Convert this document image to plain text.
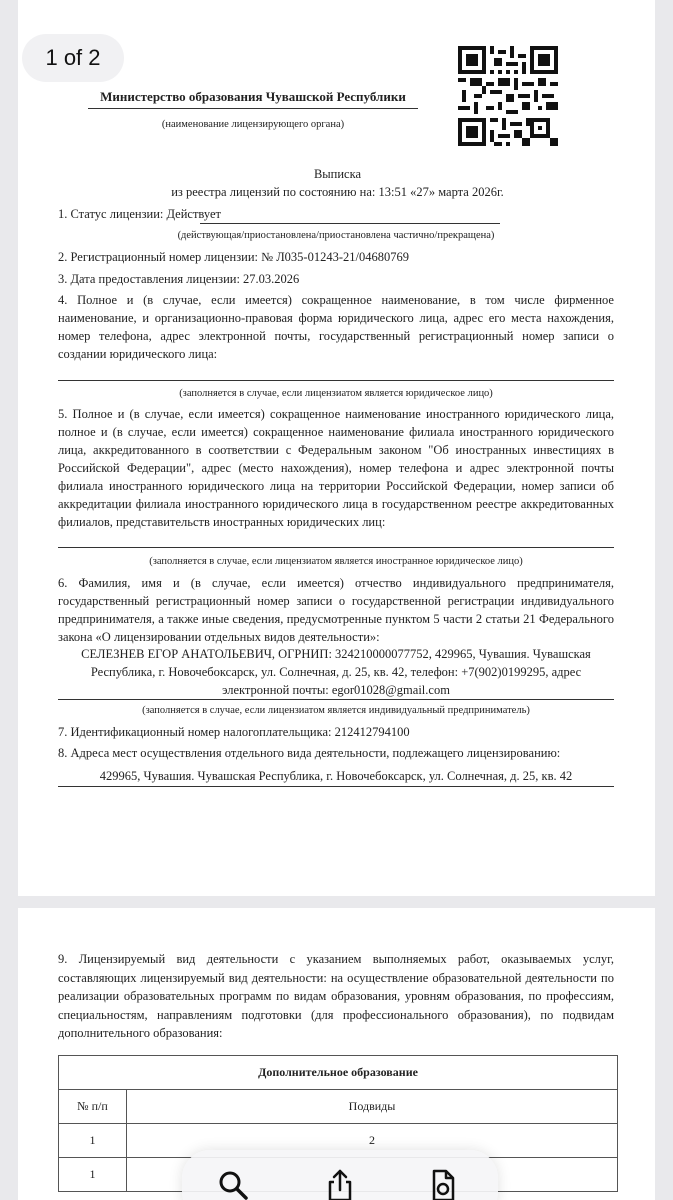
1 of 2
Министерство образования Чувашской Республики
(наименование лицензирующего органа)
Выписка
из реестра лицензий по состоянию на: 13:51 «27» марта 2026г.
1. Статус лицензии: Действует
(действующая/приостановлена/приостановлена частично/прекращена)
2. Регистрационный номер лицензии: № Л035-01243-21/04680769
3. Дата предоставления лицензии: 27.03.2026
4. Полное и (в случае, если имеется) сокращенное наименование, в том числе фирменное наименование, и организационно-правовая форма юридического лица, адрес его места нахождения, номер телефона, адрес электронной почты, государственный регистрационный номер записи о создании юридического лица:
(заполняется в случае, если лицензиатом является юридическое лицо)
5. Полное и (в случае, если имеется) сокращенное наименование иностранного юридического лица, полное и (в случае, если имеется) сокращенное наименование филиала иностранного юридического лица, аккредитованного в соответствии с Федеральным законом "Об иностранных инвестициях в Российской Федерации", адрес (место нахождения), номер телефона и адрес электронной почты филиала иностранного юридического лица на территории Российской Федерации, номер записи об аккредитации филиала иностранного юридического лица в государственном реестре аккредитованных филиалов, представительств иностранных юридических лиц:
(заполняется в случае, если лицензиатом является иностранное юридическое лицо)
6. Фамилия, имя и (в случае, если имеется) отчество индивидуального предпринимателя, государственный регистрационный номер записи о государственной регистрации индивидуального предпринимателя, а также иные сведения, предусмотренные пунктом 5 части 2 статьи 21 Федерального закона «О лицензировании отдельных видов деятельности»:
СЕЛЕЗНЕВ ЕГОР АНАТОЛЬЕВИЧ, ОГРНИП: 324210000077752, 429965, Чувашия. Чувашская
Республика, г. Новочебоксарск, ул. Солнечная, д. 25, кв. 42, телефон: +7(902)0199295, адрес
электронной почты: egor01028@gmail.com
(заполняется в случае, если лицензиатом является индивидуальный предприниматель)
7. Идентификационный номер налогоплательщика: 212412794100
8. Адреса мест осуществления отдельного вида деятельности, подлежащего лицензированию:
429965, Чувашия. Чувашская Республика, г. Новочебоксарск, ул. Солнечная, д. 25, кв. 42
9. Лицензируемый вид деятельности с указанием выполняемых работ, оказываемых услуг, составляющих лицензируемый вид деятельности: на осуществление образовательной деятельности по реализации образовательных программ по видам образования, уровням образования, по профессиям, специальностям, направлениям подготовки (для профессионального образования), по подвидам дополнительного образования:
Дополнительное образование	
№ п/п	Подвиды
1	2
1	
